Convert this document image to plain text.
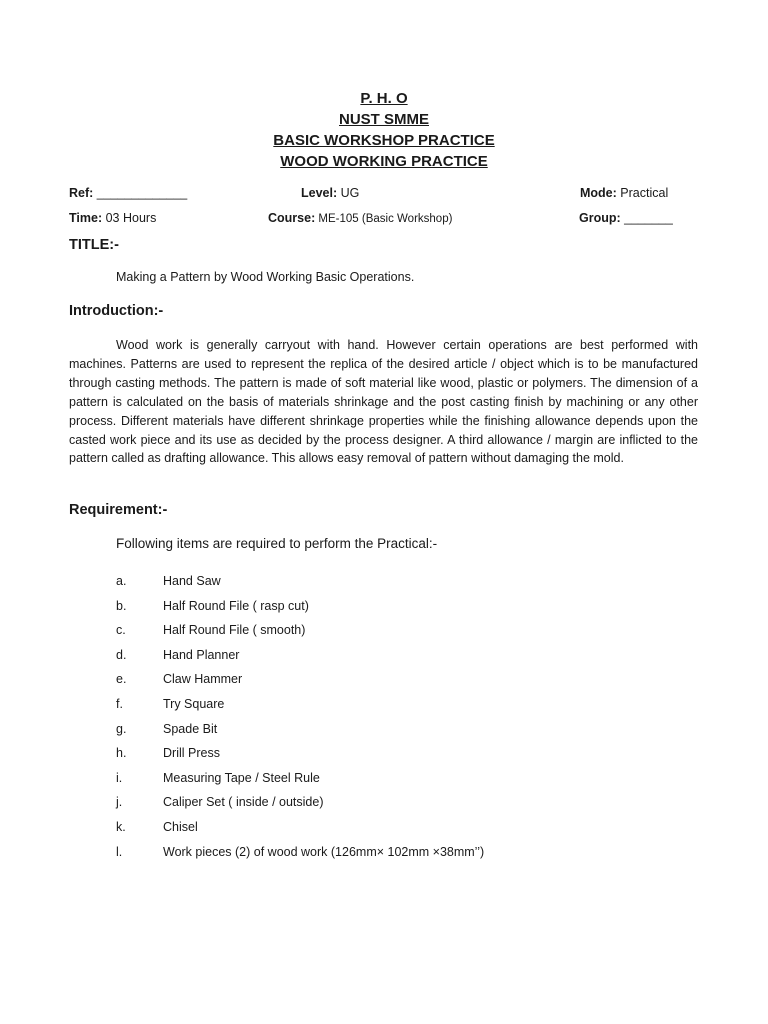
P. H. O
NUST SMME
BASIC WORKSHOP PRACTICE
WOOD WORKING PRACTICE
Ref: _____________	Level: UG	Mode: Practical
Time: 03 Hours	Course: ME-105 (Basic Workshop)	Group: _______
TITLE:-
Making a Pattern by Wood Working Basic Operations.
Introduction:-

Wood work is generally carryout with hand. However certain operations are best performed with machines. Patterns are used to represent the replica of the desired article / object which is to be manufactured through casting methods. The pattern is made of soft material like wood, plastic or polymers. The dimension of a pattern is calculated on the basis of materials shrinkage and the post casting finish by machining or any other process. Different materials have different shrinkage properties while the finishing allowance depends upon the casted work piece and its use as decided by the process designer. A third allowance / margin are inflicted to the pattern called as drafting allowance. This allows easy removal of pattern without damaging the mold.

Requirement:-
Following items are required to perform the Practical:-
a.	Hand Saw
b.	Half Round File ( rasp cut)
c.	Half Round File ( smooth)
d.	Hand Planner
e.	Claw Hammer
f.	Try Square
g.	Spade Bit
h.	Drill Press
i.	Measuring Tape / Steel Rule
j.	Caliper Set ( inside / outside)
k.	Chisel
l.	Work pieces (2) of wood work (126mm× 102mm ×38mm’’)
